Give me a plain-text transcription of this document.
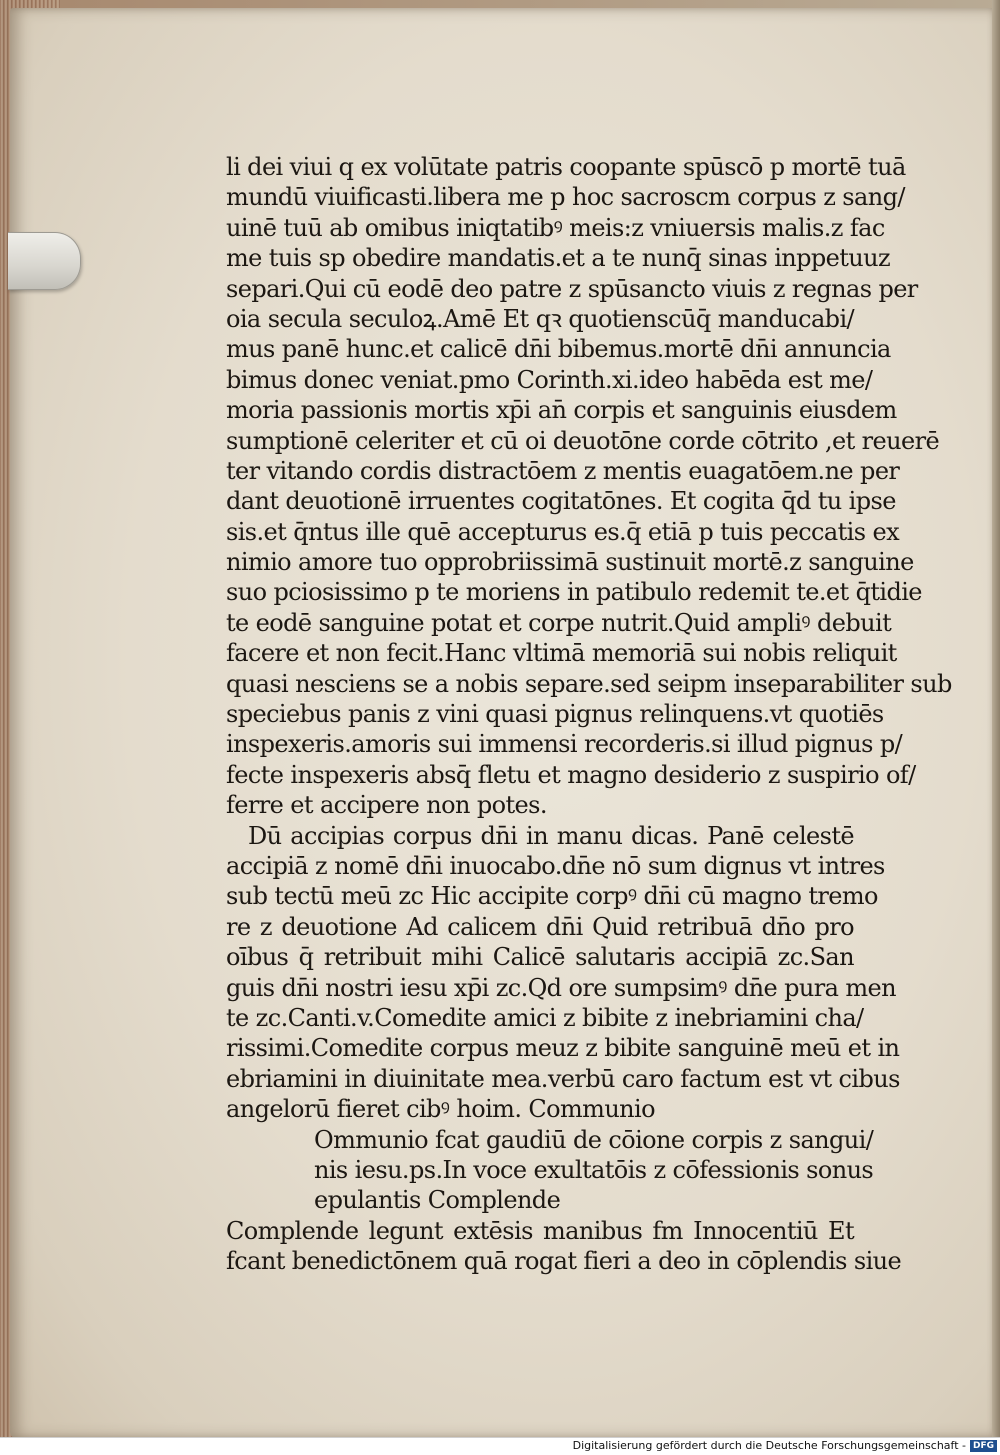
li dei viui q ex volūtate patris coopante spūscō p mortē tuā
mundū viuificasti.libera me p hoc sacroscm corpus z sang/
uinē tuū ab omibus iniqtatibꝰ meis:z vniuersis malis.z fac
me tuis sp obedire mandatis.et a te nunq̄ sinas inppetuuz
separi.Qui cū eodē deo patre z spūsancto viuis z regnas per
oia secula seculoꝝ.Amē Et qꝛ quotienscūq̄ manducabi/
mus panē hunc.et calicē dn̄i bibemus.mortē dn̄i annuncia
bimus donec veniat.pmo Corinth.xi.ideo habēda est me/
moria passionis mortis xp̄i an̄ corpis et sanguinis eiusdem
sumptionē celeriter et cū oi deuotōne corde cōtrito ,et reuerē
ter vitando cordis distractōem z mentis euagatōem.ne per
dant deuotionē irruentes cogitatōnes. Et cogita q̄d tu ipse
sis.et q̄ntus ille quē accepturus es.q̄ etiā p tuis peccatis ex
nimio amore tuo opprobriissimā sustinuit mortē.z sanguine
suo pciosissimo p te moriens in patibulo redemit te.et q̄tidie
te eodē sanguine potat et corpe nutrit.Quid ampliꝰ debuit
facere et non fecit.Hanc vltimā memoriā sui nobis reliquit
quasi nesciens se a nobis separe.sed seipm inseparabiliter sub
speciebus panis z vini quasi pignus relinquens.vt quotiēs
inspexeris.amoris sui immensi recorderis.si illud pignus p/
fecte inspexeris absq̄ fletu et magno desiderio z suspirio of/
ferre et accipere non potes.
Dū accipias corpus dn̄i in manu dicas. Panē celestē
accipiā z nomē dn̄i inuocabo.dn̄e nō sum dignus vt intres
sub tectū meū zc Hic accipite corpꝰ dn̄i cū magno tremo
re z deuotione Ad calicem dn̄i Quid retribuā dn̄o pro
oībus q̄ retribuit mihi Calicē salutaris accipiā zc.San
guis dn̄i nostri iesu xp̄i zc.Qd ore sumpsimꝰ dn̄e pura men
te zc.Canti.v.Comedite amici z bibite z inebriamini cha/
rissimi.Comedite corpus meuz z bibite sanguinē meū et in
ebriamini in diuinitate mea.verbū caro factum est vt cibus
angelorū fieret cibꝰ hoim. Communio
Ommunio fcat gaudiū de cōione corpis z sangui/
nis iesu.ps.In voce exultatōis z cōfessionis sonus
epulantis Complende
Complende legunt extēsis manibus fm Innocentiū Et
fcant benedictōnem quā rogat fieri a deo in cōplendis siue
Digitalisierung gefördert durch die Deutsche Forschungsgemeinschaft - DFG
